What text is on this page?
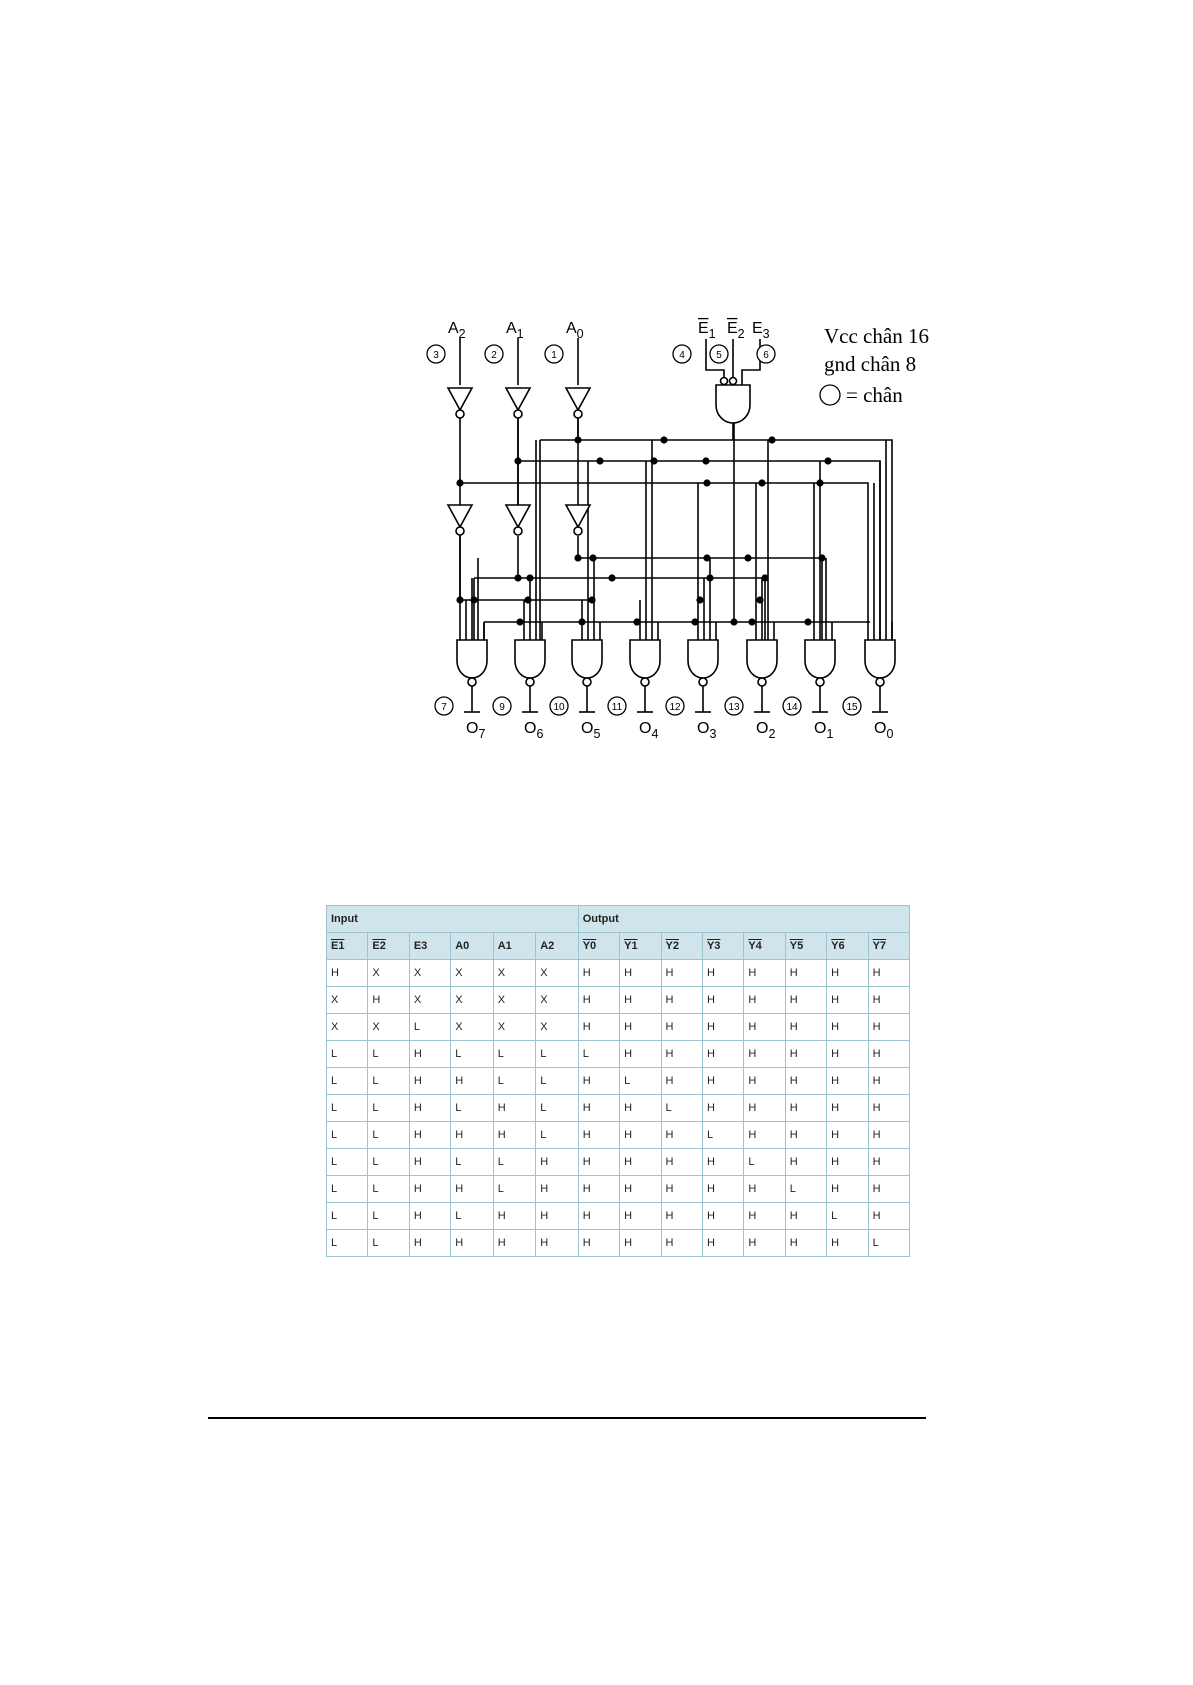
$A_2$
3
$A_1$
2
$A_0$
1
7
$O_7$
9
$O_6$
10
$O_5$
11
$O_4$
12
$O_3$
13
$O_2$
14
$O_1$
15
$O_0$
$E_1$
4
$E_2$
5
$E_3$
6
Vcc chân 16
gnd chân 8
= chân
Input						Output							
E1	E2	E3	A0	A1	A2	Y0	Y1	Y2	Y3	Y4	Y5	Y6	Y7
H	X	X	X	X	X	H	H	H	H	H	H	H	H
X	H	X	X	X	X	H	H	H	H	H	H	H	H
X	X	L	X	X	X	H	H	H	H	H	H	H	H
L	L	H	L	L	L	L	H	H	H	H	H	H	H
L	L	H	H	L	L	H	L	H	H	H	H	H	H
L	L	H	L	H	L	H	H	L	H	H	H	H	H
L	L	H	H	H	L	H	H	H	L	H	H	H	H
L	L	H	L	L	H	H	H	H	H	L	H	H	H
L	L	H	H	L	H	H	H	H	H	H	L	H	H
L	L	H	L	H	H	H	H	H	H	H	H	L	H
L	L	H	H	H	H	H	H	H	H	H	H	H	L
